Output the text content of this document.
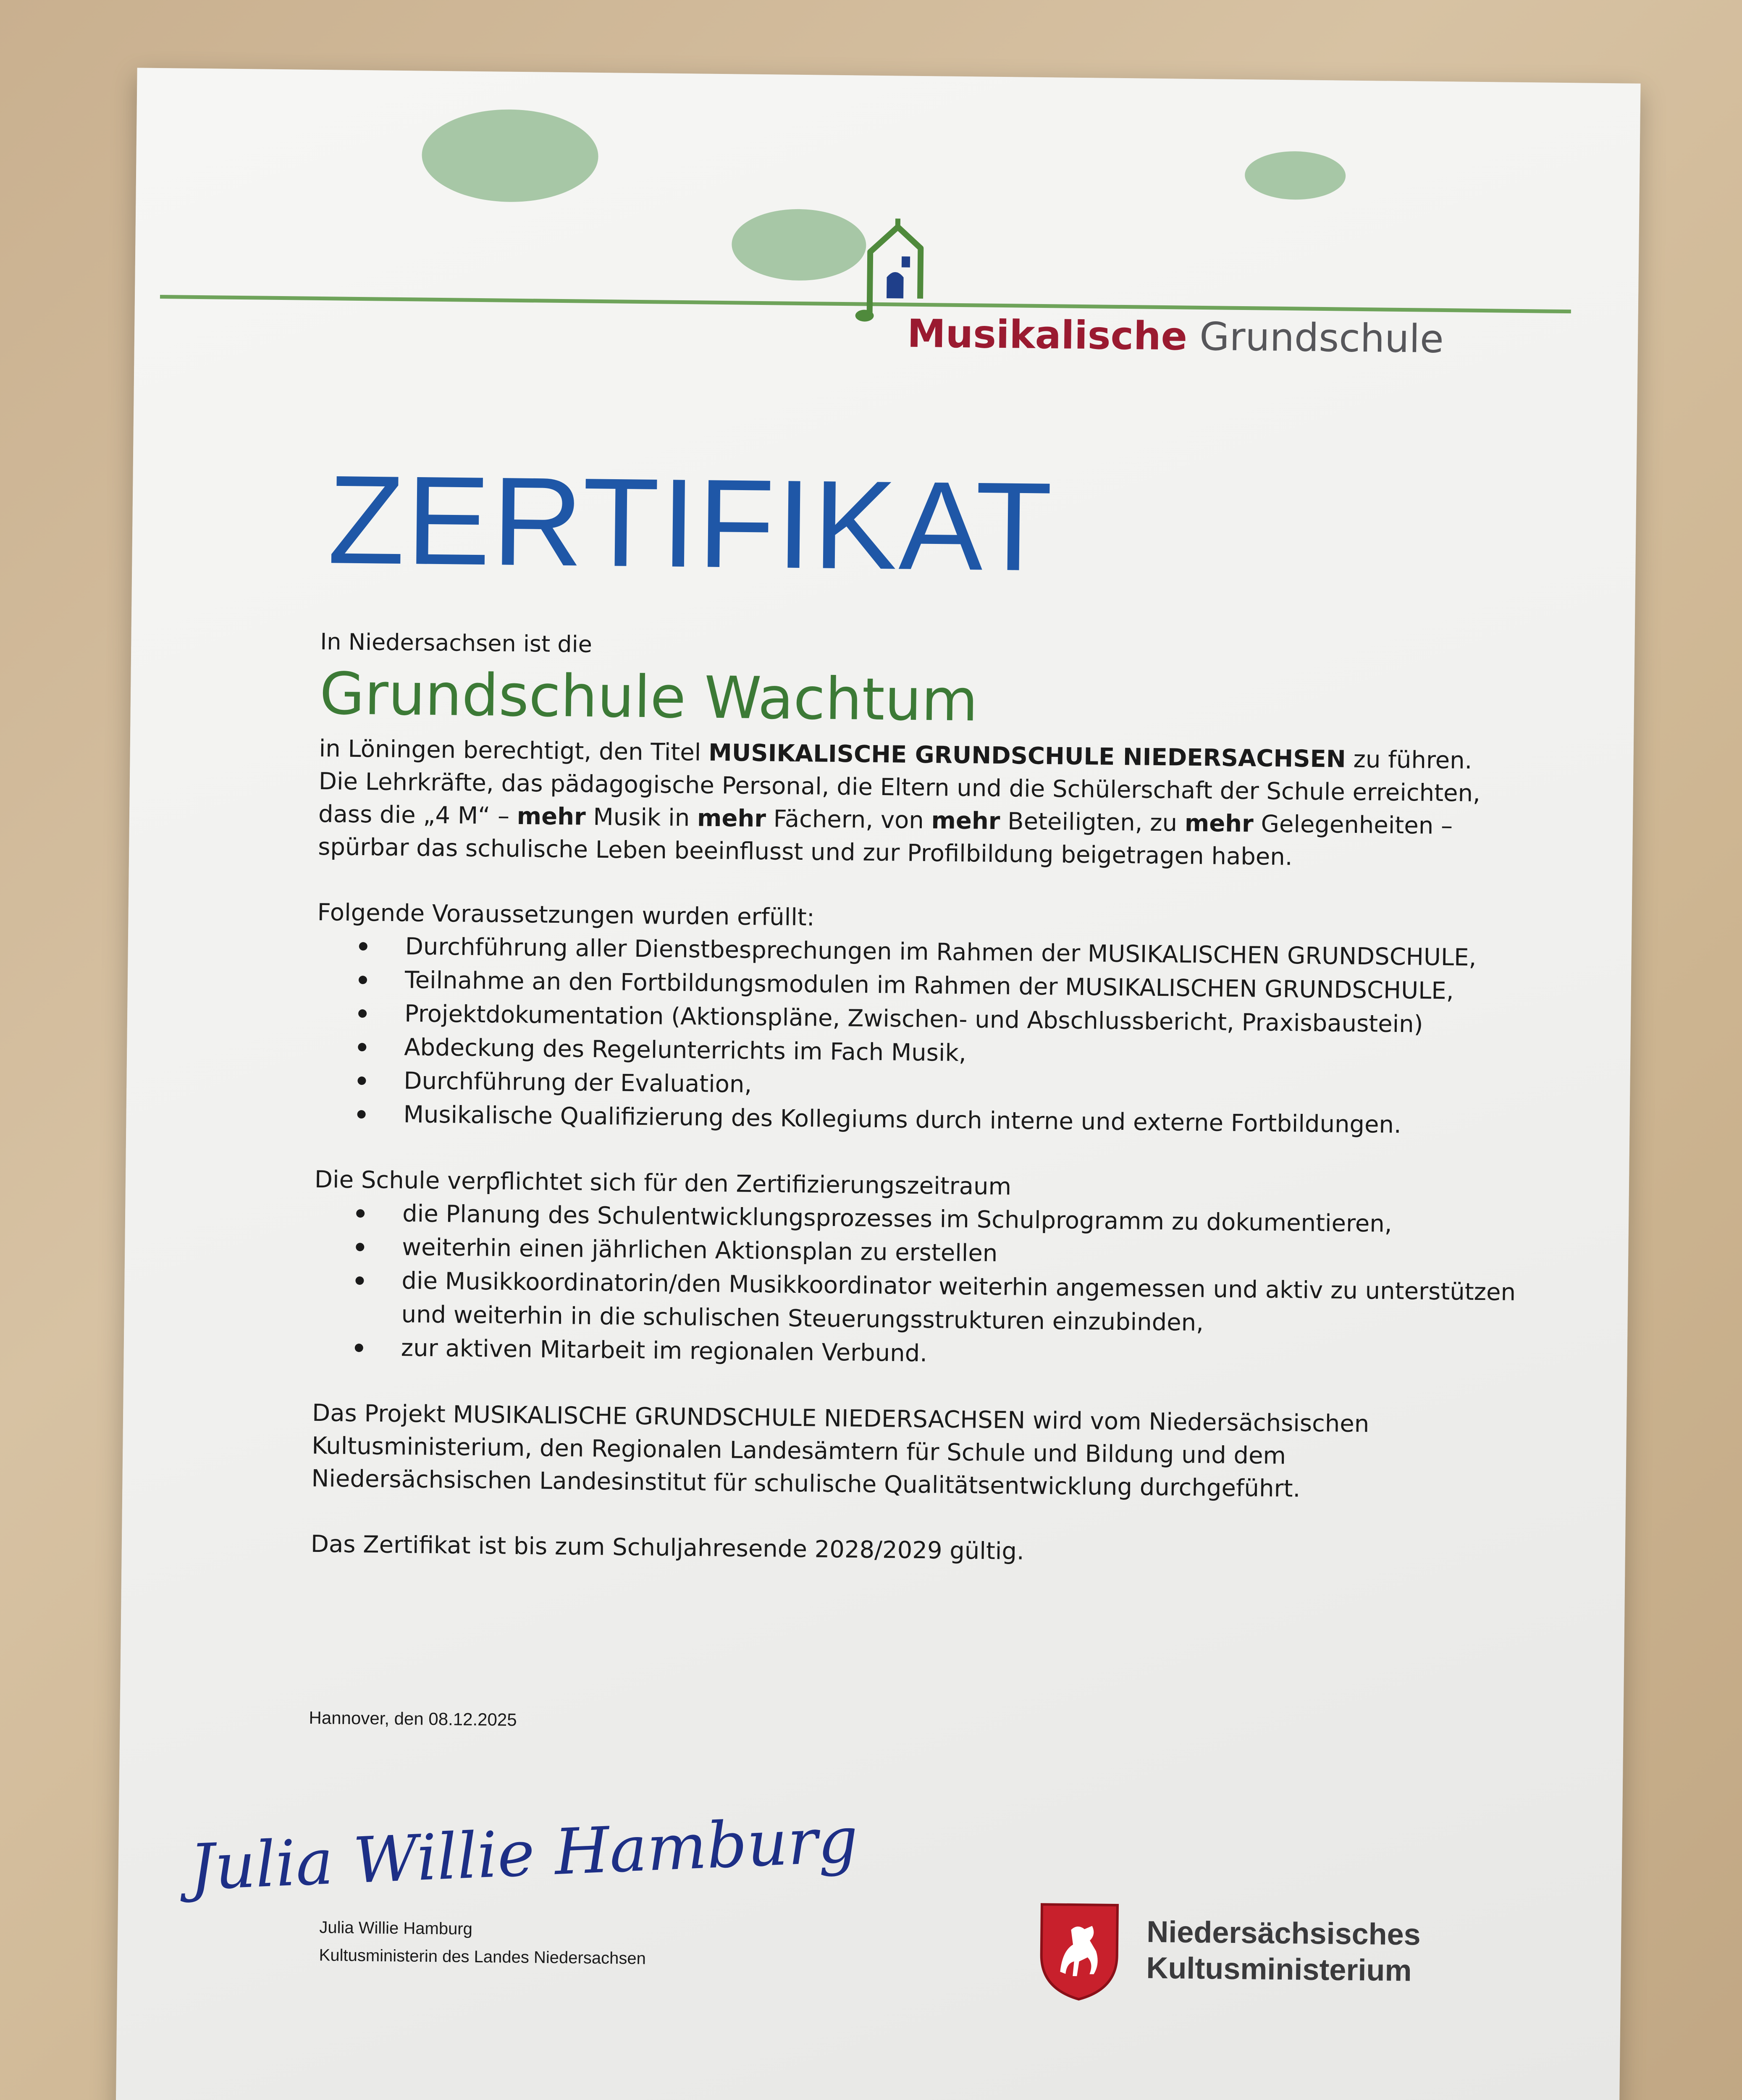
Musikalische Grundschule
ZERTIFIKAT

In Niedersachsen ist die

Grundschule Wachtum

in Löningen berechtigt, den Titel MUSIKALISCHE GRUNDSCHULE NIEDERSACHSEN zu führen.

Die Lehrkräfte, das pädagogische Personal, die Eltern und die Schülerschaft der Schule erreichten,

dass die „4 M“ – mehr Musik in mehr Fächern, von mehr Beteiligten, zu mehr Gelegenheiten –

spürbar das schulische Leben beeinflusst und zur Profilbildung beigetragen haben.

Folgende Voraussetzungen wurden erfüllt:

Durchführung aller Dienstbesprechungen im Rahmen der MUSIKALISCHEN GRUNDSCHULE,
Teilnahme an den Fortbildungsmodulen im Rahmen der MUSIKALISCHEN GRUNDSCHULE,
Projektdokumentation (Aktionspläne, Zwischen- und Abschlussbericht, Praxisbaustein)
Abdeckung des Regelunterrichts im Fach Musik,
Durchführung der Evaluation,
Musikalische Qualifizierung des Kollegiums durch interne und externe Fortbildungen.

Die Schule verpflichtet sich für den Zertifizierungszeitraum

die Planung des Schulentwicklungsprozesses im Schulprogramm zu dokumentieren,
weiterhin einen jährlichen Aktionsplan zu erstellen
die Musikkoordinatorin/den Musikkoordinator weiterhin angemessen und aktiv zu unterstützen und weiterhin in die schulischen Steuerungsstrukturen einzubinden,
zur aktiven Mitarbeit im regionalen Verbund.

Das Projekt MUSIKALISCHE GRUNDSCHULE NIEDERSACHSEN wird vom Niedersächsischen

Kultusministerium, den Regionalen Landesämtern für Schule und Bildung und dem

Niedersächsischen Landesinstitut für schulische Qualitätsentwicklung durchgeführt.

Das Zertifikat ist bis zum Schuljahresende 2028/2029 gültig.

Hannover, den 08.12.2025
Julia Willie Hamburg
Julia Willie Hamburg
Kultusministerin des Landes Niedersachsen
Niedersächsisches
Kultusministerium
